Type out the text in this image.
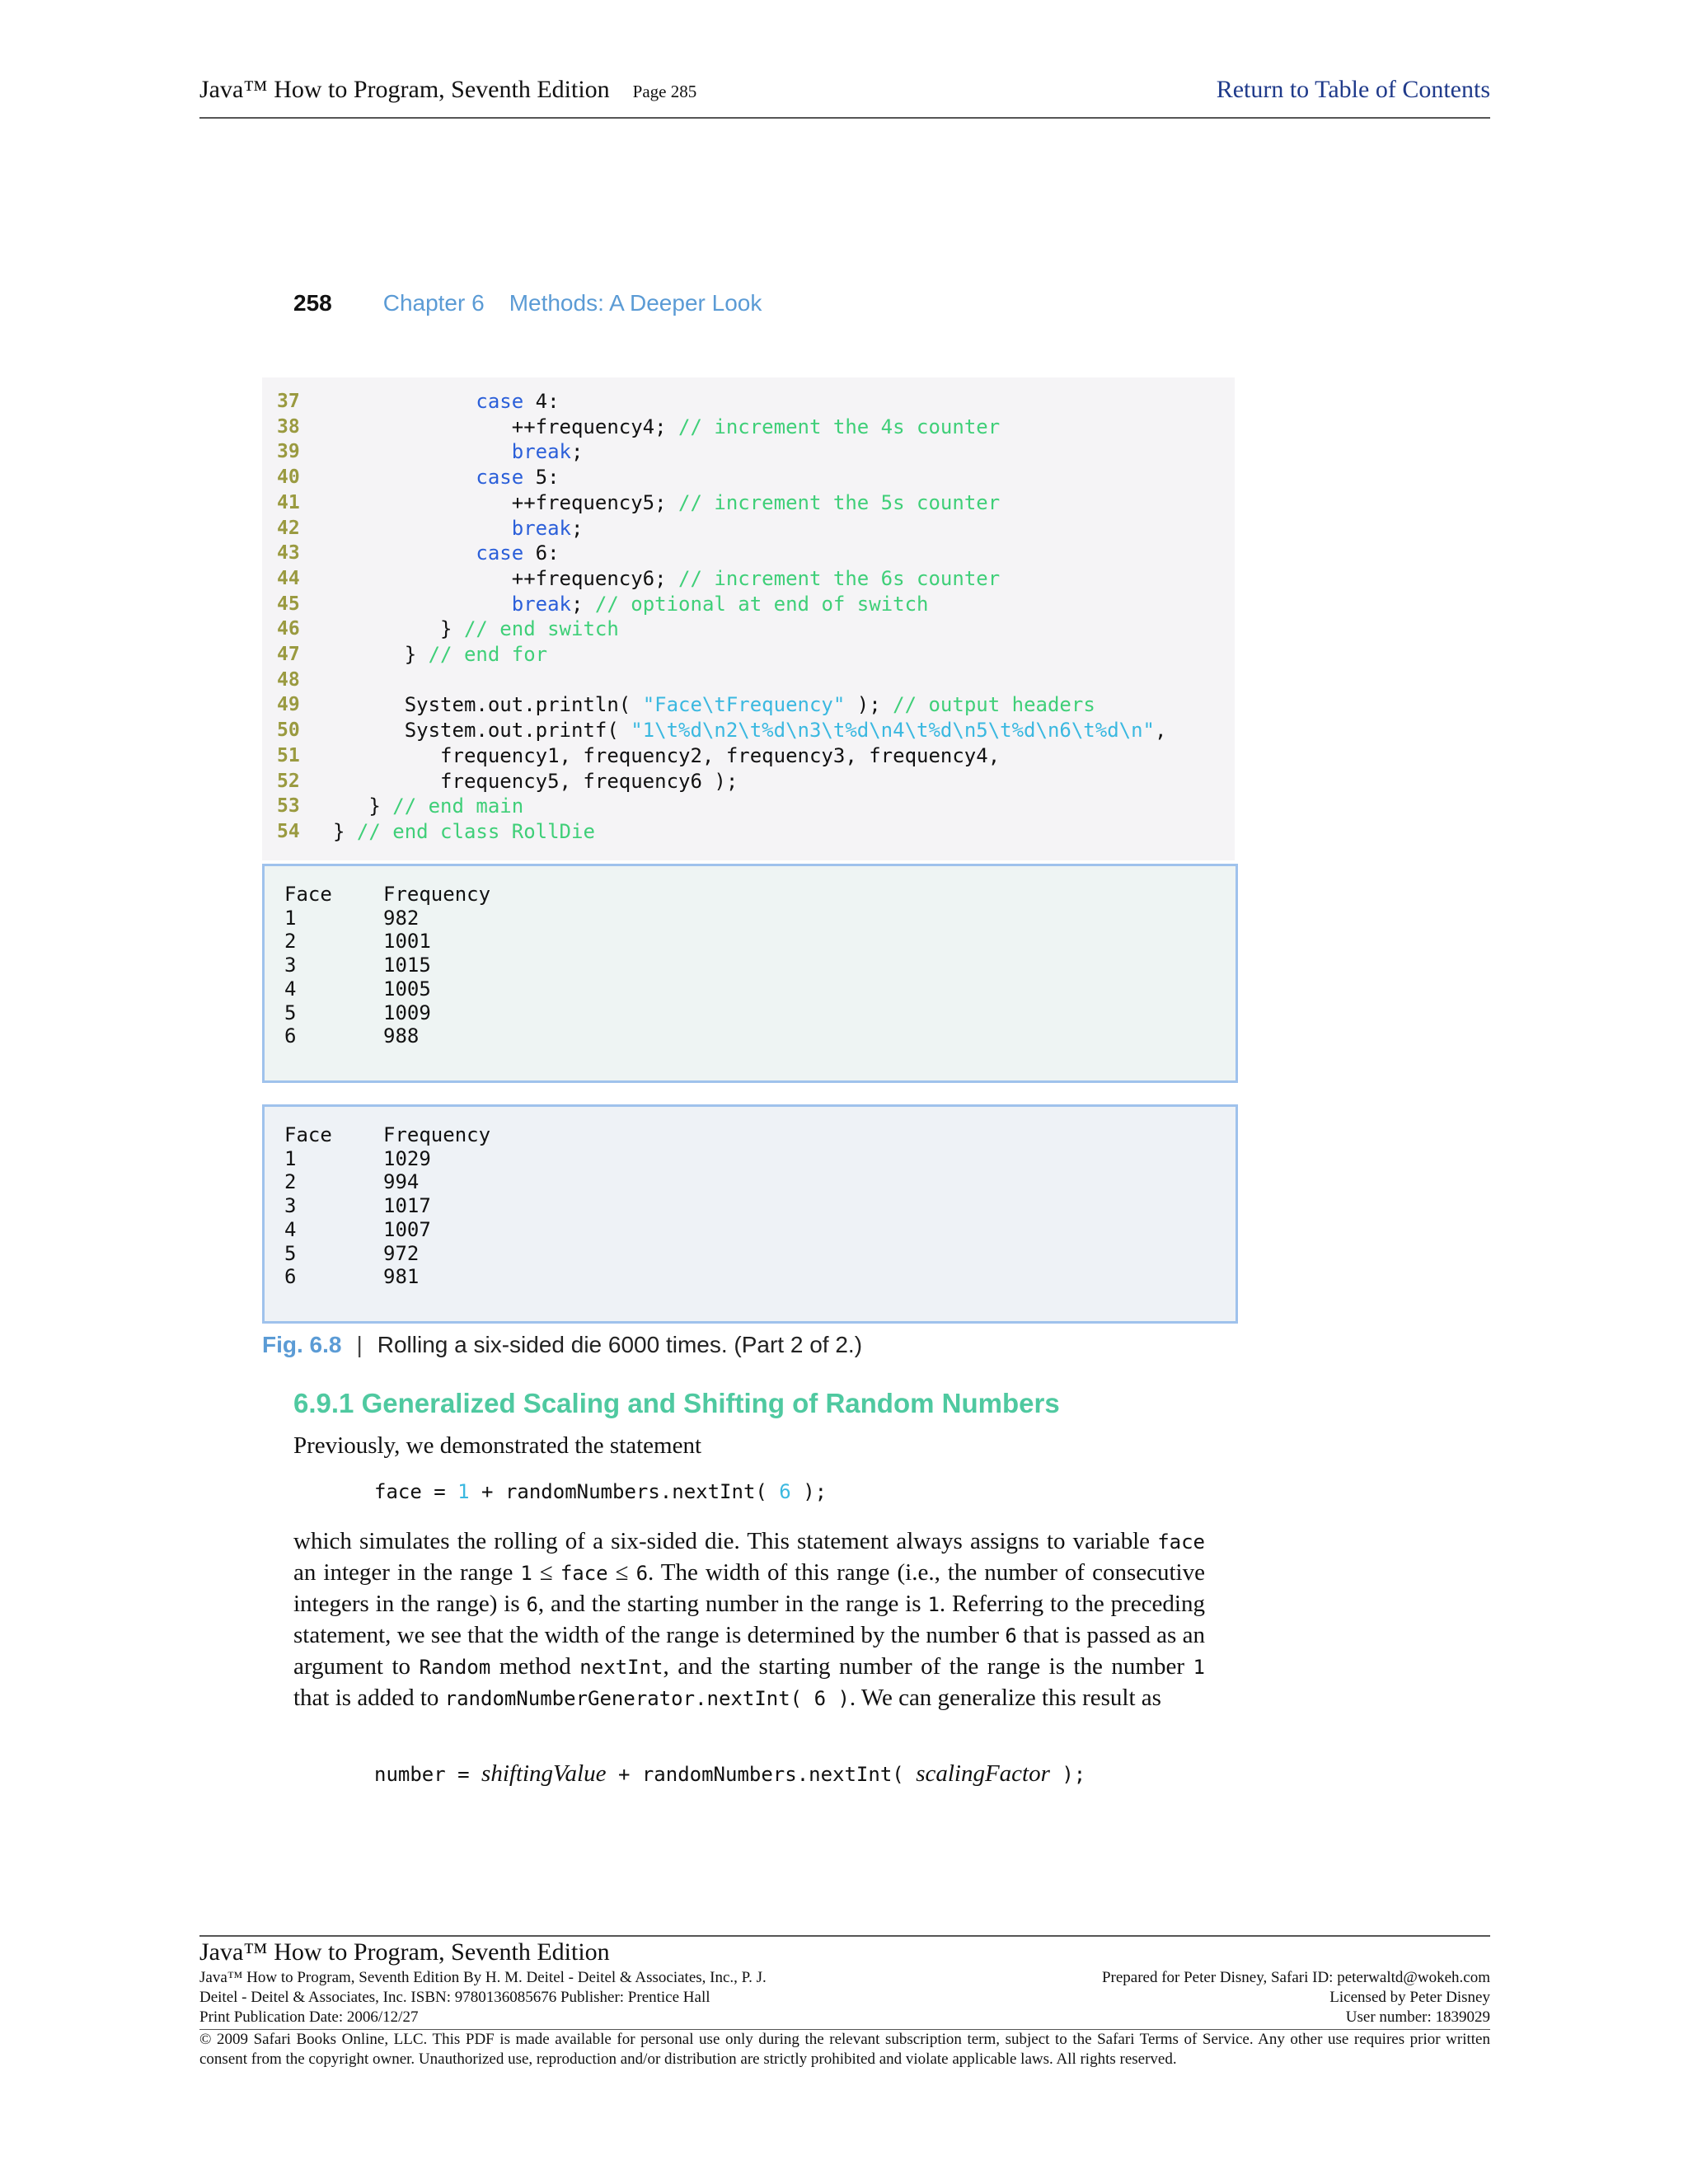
Java™ How to Program, Seventh Edition Page 285	Return to Table of Contents
258 Chapter 6 Methods: A Deeper Look
37	case 4:
38	++frequency4; // increment the 4s counter
39	break;
40	case 5:
41	++frequency5; // increment the 5s counter
42	break;
43	case 6:
44	++frequency6; // increment the 6s counter
45	break; // optional at end of switch
46	} // end switch
47	} // end for
48
49	System.out.println( "Face\tFrequency" ); // output headers
50	System.out.printf( "1\t%d\n2\t%d\n3\t%d\n4\t%d\n5\t%d\n6\t%d\n",
51	frequency1, frequency2, frequency3, frequency4,
52	frequency5, frequency6 );
53	} // end main
54	} // end class RollDie
Face	Frequency
1	982
2	1001
3	1015
4	1005
5	1009
6	988
Face	Frequency
1	1029
2	994
3	1017
4	1007
5	972
6	981
Fig. 6.8 | Rolling a six-sided die 6000 times. (Part 2 of 2.)
6.9.1 Generalized Scaling and Shifting of Random Numbers
Previously, we demonstrated the statement
face = 1 + randomNumbers.nextInt( 6 );
which simulates the rolling of a six-sided die. This statement always assigns to variable face an integer in the range 1 ≤ face ≤ 6. The width of this range (i.e., the number of consecutive integers in the range) is 6, and the starting number in the range is 1. Referring to the preceding statement, we see that the width of the range is determined by the number 6 that is passed as an argument to Random method nextInt, and the starting number of the range is the number 1 that is added to randomNumberGenerator.nextInt( 6 ). We can generalize this result as
number = shiftingValue + randomNumbers.nextInt( scalingFactor );
Java™ How to Program, Seventh Edition
Java™ How to Program, Seventh Edition By H. M. Deitel - Deitel & Associates, Inc., P. J.	Prepared for Peter Disney, Safari ID: peterwaltd@wokeh.com
Deitel - Deitel & Associates, Inc. ISBN: 9780136085676 Publisher: Prentice Hall	Licensed by Peter Disney
Print Publication Date: 2006/12/27	User number: 1839029
© 2009 Safari Books Online, LLC. This PDF is made available for personal use only during the relevant subscription term, subject to the Safari Terms of Service. Any other use requires prior written consent from the copyright owner. Unauthorized use, reproduction and/or distribution are strictly prohibited and violate applicable laws. All rights reserved.
